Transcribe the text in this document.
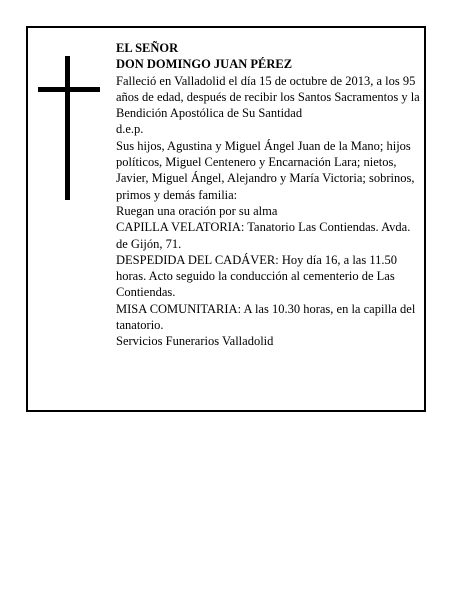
EL SEÑOR
DON DOMINGO JUAN PÉREZ
Falleció en Valladolid el día 15 de octubre de 2013, a los 95 años de edad, después de recibir los Santos Sacramentos y la Bendición Apostólica de Su Santidad
d.e.p.
Sus hijos, Agustina y Miguel Ángel Juan de la Mano; hijos políticos, Miguel Centenero y Encarnación Lara; nietos, Javier, Miguel Ángel, Alejandro y María Victoria; sobrinos, primos y demás familia:
Ruegan una oración por su alma
CAPILLA VELATORIA: Tanatorio Las Contiendas. Avda. de Gijón, 71.
DESPEDIDA DEL CADÁVER: Hoy día 16, a las 11.50 horas. Acto seguido la conducción al cementerio de Las Contiendas.
MISA COMUNITARIA: A las 10.30 horas, en la capilla del tanatorio.
Servicios Funerarios Valladolid
